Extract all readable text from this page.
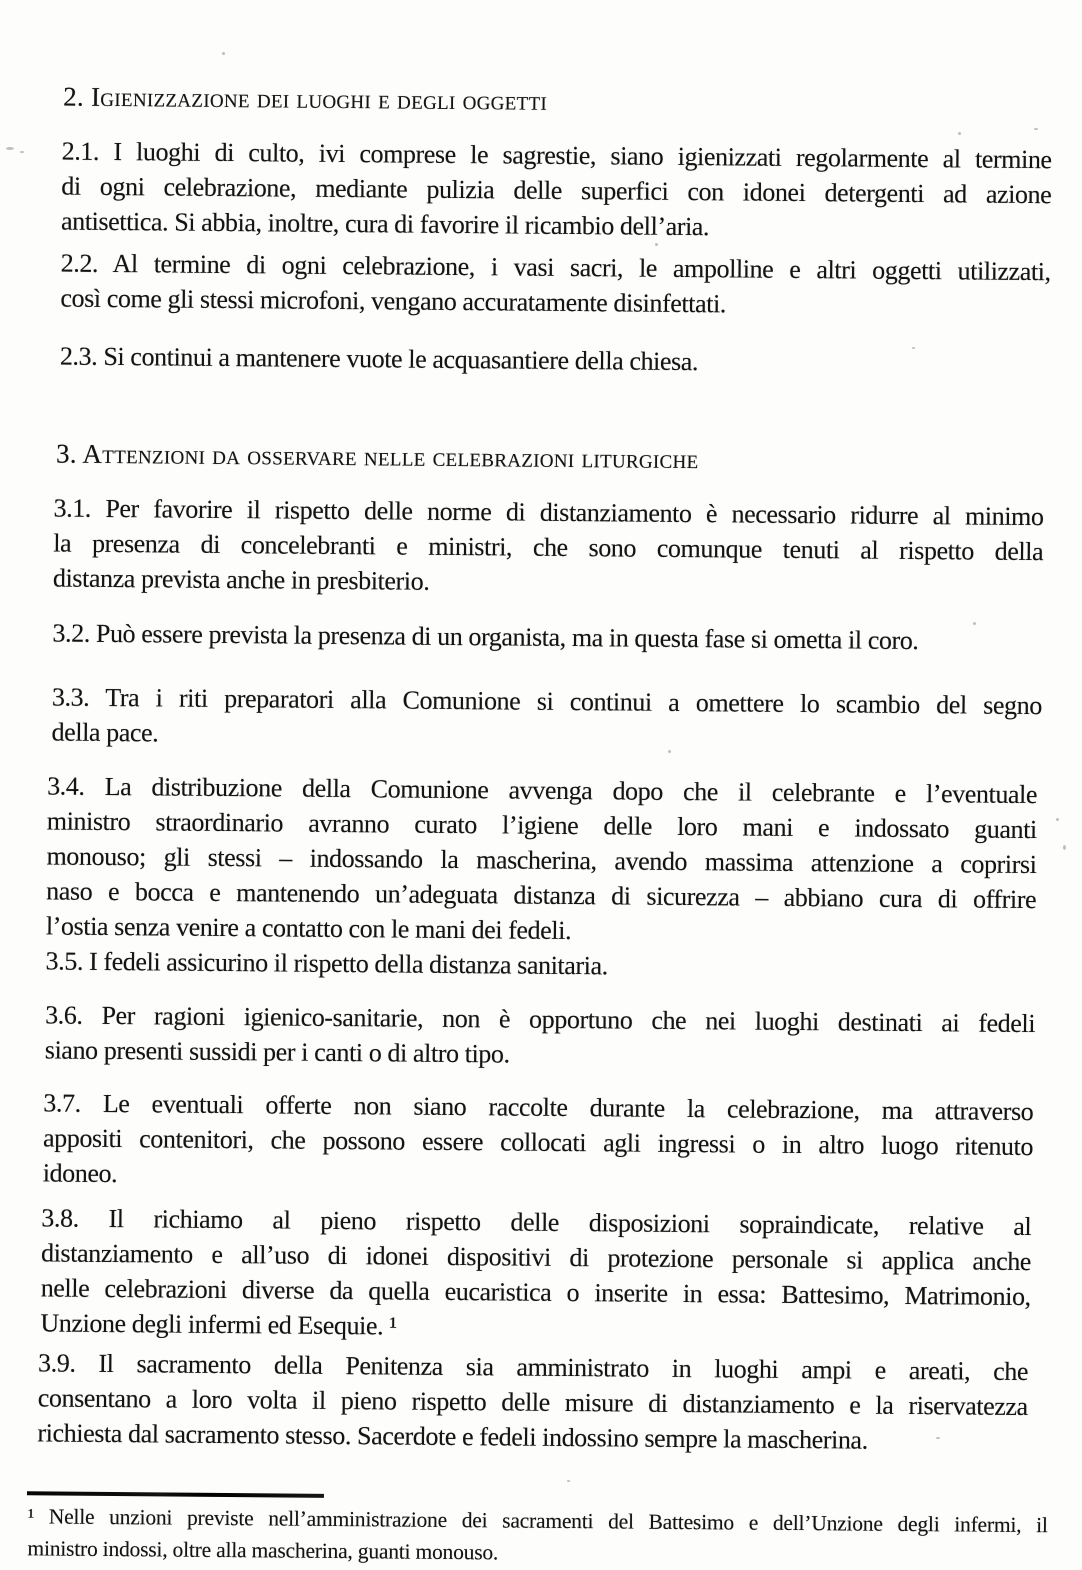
2. Igienizzazione dei luoghi e degli oggetti
2.1. I luoghi di culto, ivi comprese le sagrestie, siano igienizzati regolarmente al termine
di ogni celebrazione, mediante pulizia delle superfici con idonei detergenti ad azione
antisettica. Si abbia, inoltre, cura di favorire il ricambio dell’aria.
2.2. Al termine di ogni celebrazione, i vasi sacri, le ampolline e altri oggetti utilizzati,
così come gli stessi microfoni, vengano accuratamente disinfettati.
2.3. Si continui a mantenere vuote le acquasantiere della chiesa.
3. Attenzioni da osservare nelle celebrazioni liturgiche
3.1. Per favorire il rispetto delle norme di distanziamento è necessario ridurre al minimo
la presenza di concelebranti e ministri, che sono comunque tenuti al rispetto della
distanza prevista anche in presbiterio.
3.2. Può essere prevista la presenza di un organista, ma in questa fase si ometta il coro.
3.3. Tra i riti preparatori alla Comunione si continui a omettere lo scambio del segno
della pace.
3.4. La distribuzione della Comunione avvenga dopo che il celebrante e l’eventuale
ministro straordinario avranno curato l’igiene delle loro mani e indossato guanti
monouso; gli stessi – indossando la mascherina, avendo massima attenzione a coprirsi
naso e bocca e mantenendo un’adeguata distanza di sicurezza – abbiano cura di offrire
l’ostia senza venire a contatto con le mani dei fedeli.
3.5. I fedeli assicurino il rispetto della distanza sanitaria.
3.6. Per ragioni igienico-sanitarie, non è opportuno che nei luoghi destinati ai fedeli
siano presenti sussidi per i canti o di altro tipo.
3.7. Le eventuali offerte non siano raccolte durante la celebrazione, ma attraverso
appositi contenitori, che possono essere collocati agli ingressi o in altro luogo ritenuto
idoneo.
3.8. Il richiamo al pieno rispetto delle disposizioni sopraindicate, relative al
distanziamento e all’uso di idonei dispositivi di protezione personale si applica anche
nelle celebrazioni diverse da quella eucaristica o inserite in essa: Battesimo, Matrimonio,
Unzione degli infermi ed Esequie. ¹
3.9. Il sacramento della Penitenza sia amministrato in luoghi ampi e areati, che
consentano a loro volta il pieno rispetto delle misure di distanziamento e la riservatezza
richiesta dal sacramento stesso. Sacerdote e fedeli indossino sempre la mascherina.
¹ Nelle unzioni previste nell’amministrazione dei sacramenti del Battesimo e dell’Unzione degli infermi, il
ministro indossi, oltre alla mascherina, guanti monouso.
